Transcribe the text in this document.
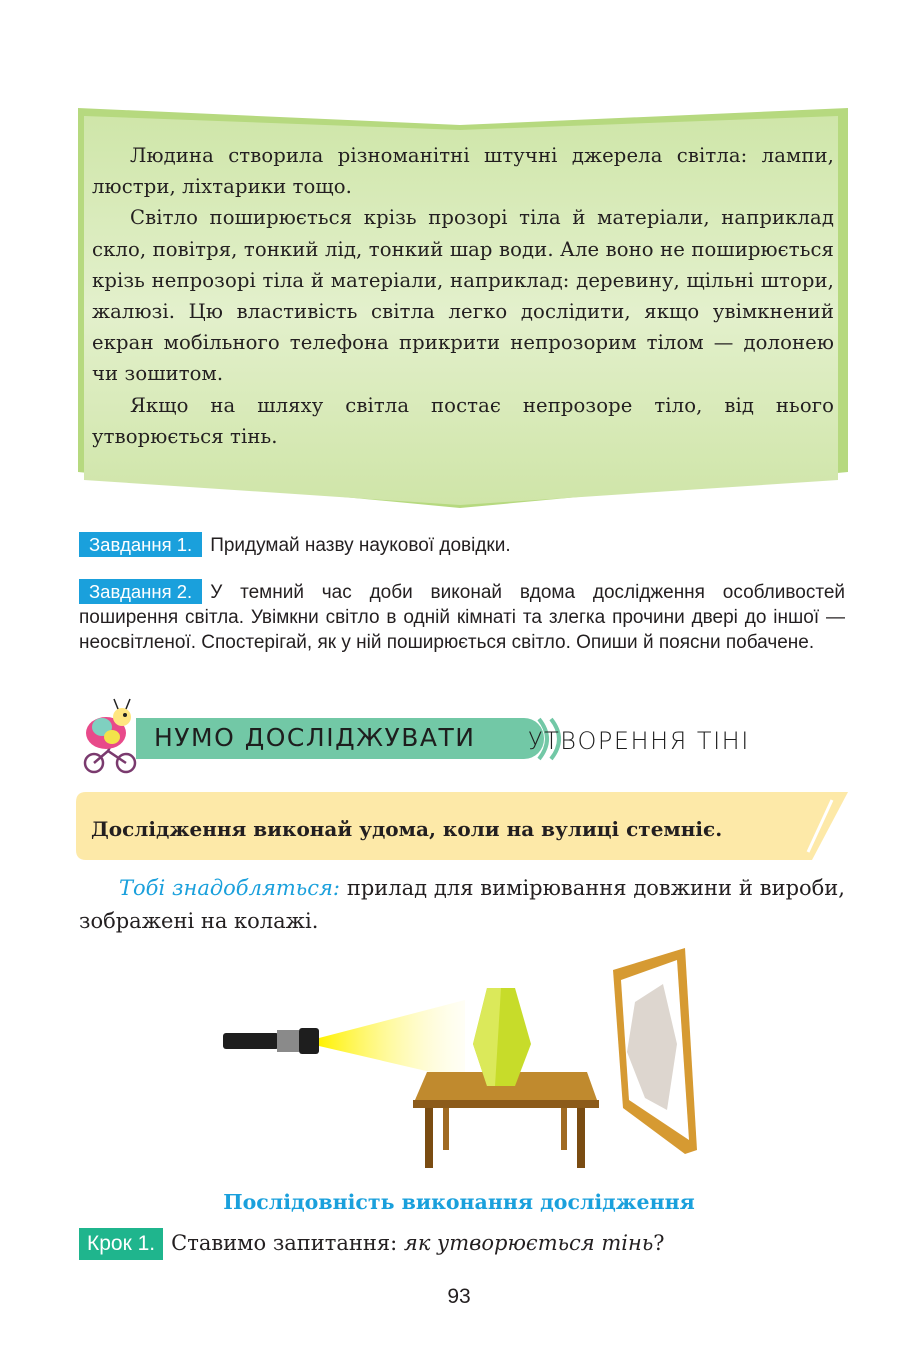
Людина створила різноманітні штучні джерела світла: лампи, люстри, ліхтарики тощо.

Світло поширюється крізь прозорі тіла й матеріали, наприклад скло, повітря, тонкий лід, тонкий шар води. Але воно не поширюється крізь непрозорі тіла й матеріали, наприклад: деревину, щільні штори, жалюзі. Цю властивість світла легко дослідити, якщо увімкнений екран мобільного телефона прикрити непрозорим тілом — долонею чи зошитом.

Якщо на шляху світла постає непрозоре тіло, від нього утворюється тінь.

Завдання 1. Придумай назву наукової довідки.
Завдання 2. У темний час доби виконай вдома дослідження особливостей поширення світла. Увімкни світло в одній кімнаті та злегка прочини двері до іншої — неосвітленої. Спостерігай, як у ній поширюється світло. Опиши й поясни побачене.
НУМО ДОСЛІДЖУВАТИ УТВОРЕННЯ ТІНІ
Дослідження виконай удома, коли на вулиці стемніє.
Тобі знадобляться: прилад для вимірювання довжини й вироби, зображені на колажі.
Послідовність виконання дослідження
Крок 1. Ставимо запитання: як утворюється тінь?
93
